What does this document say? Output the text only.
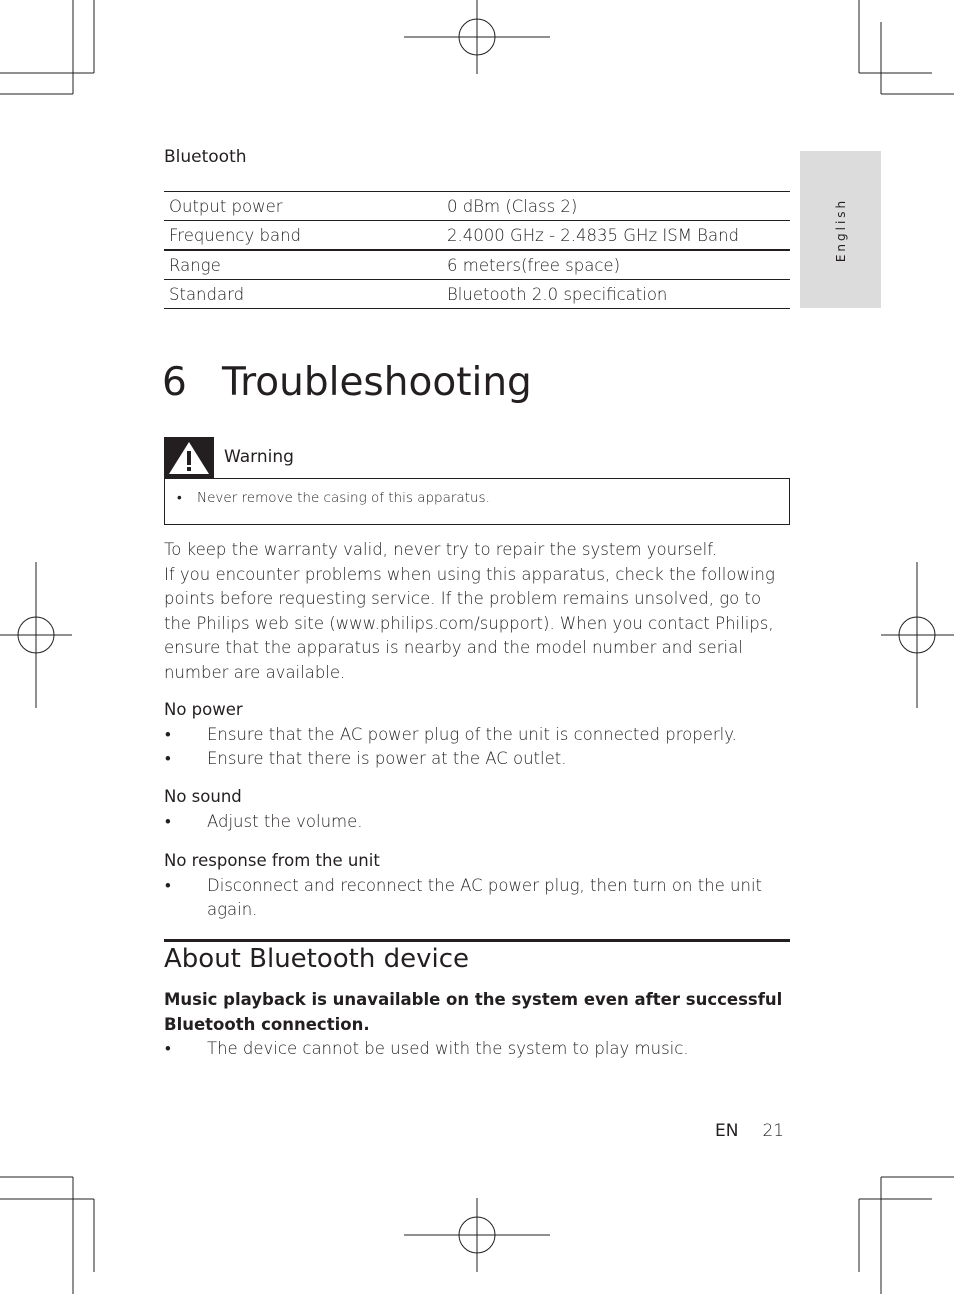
English
Bluetooth
Output power	0 dBm (Class 2)
Frequency band	2.4000 GHz - 2.4835 GHz ISM Band
Range	6 meters(free space)
Standard	Bluetooth 2.0 specification
6 Troubleshooting
Warning
• Never remove the casing of this apparatus.

To keep the warranty valid, never try to repair the system yourself.

If you encounter problems when using this apparatus, check the following points before requesting service. If the problem remains unsolved, go to the Philips web site (www.philips.com/support). When you contact Philips, ensure that the apparatus is nearby and the model number and serial number are available.

No power
• Ensure that the AC power plug of the unit is connected properly.
• Ensure that there is power at the AC outlet.
No sound
• Adjust the volume.
No response from the unit
• Disconnect and reconnect the AC power plug, then turn on the unit again.
About Bluetooth device
Music playback is unavailable on the system even after successful Bluetooth connection.
• The device cannot be used with the system to play music.
EN 21
